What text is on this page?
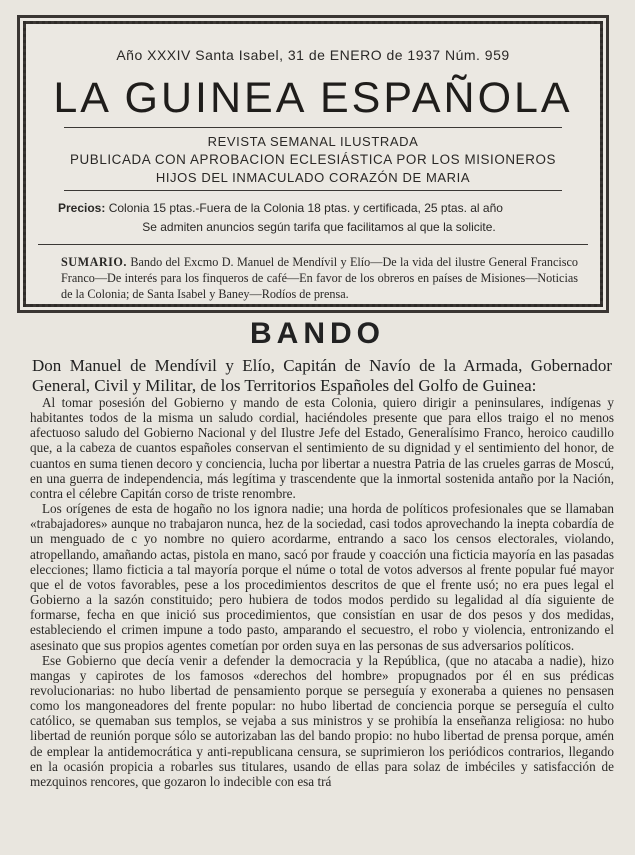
Año XXXIV Santa Isabel, 31 de ENERO de 1937 Núm. 959
LA GUINEA ESPAÑOLA
REVISTA SEMANAL ILUSTRADA
PUBLICADA CON APROBACION ECLESIÁSTICA POR LOS MISIONEROS
HIJOS DEL INMACULADO CORAZÓN DE MARIA
Precios: Colonia 15 ptas.-Fuera de la Colonia 18 ptas. y certificada, 25 ptas. al año
Se admiten anuncios según tarifa que facilitamos al que la solicite.
SUMARIO. Bando del Excmo D. Manuel de Mendívil y Elío—De la vida del ilustre General Francisco Franco—De interés para los finqueros de café—En favor de los obreros en países de Misiones—Noticias de la Colonia; de Santa Isabel y Baney—Rodíos de prensa.
BANDO
Don Manuel de Mendívil y Elío, Capitán de Navío de la Armada, Gobernador General, Civil y Militar, de los Territorios Españoles del Golfo de Guinea:

Al tomar posesión del Gobierno y mando de esta Colonia, quiero dirigir a peninsulares, indígenas y habitantes todos de la misma un saludo cordial, haciéndoles presente que para ellos traigo el no menos afectuoso saludo del Gobierno Nacional y del Ilustre Jefe del Estado, Generalísimo Franco, heroico caudillo que, a la cabeza de cuantos españoles conservan el sentimiento de su dignidad y el sentimiento del honor, de cuantos en suma tienen decoro y conciencia, lucha por libertar a nuestra Patria de las crueles garras de Moscú, en una guerra de independencia, más legítima y trascendente que la inmortal sostenida antaño por la Nación, contra el célebre Capitán corso de triste renombre.

Los orígenes de esta de hogaño no los ignora nadie; una horda de políticos profesionales que se llamaban «trabajadores» aunque no trabajaron nunca, hez de la sociedad, casi todos aprovechando la inepta cobardía de un menguado de c yo nombre no quiero acordarme, entrando a saco los censos electorales, violando, atropellando, amañando actas, pistola en mano, sacó por fraude y coacción una ficticia mayoría en las pasadas elecciones; llamo ficticia a tal mayoría porque el núme o total de votos adversos al frente popular fué mayor que el de votos favorables, pese a los procedimientos descritos de que el frente usó; no era pues legal el Gobierno a la sazón constituido; pero hubiera de todos modos perdido su legalidad al día siguiente de formarse, fecha en que inició sus procedimientos, que consistían en usar de dos pesos y dos medidas, estableciendo el crimen impune a todo pasto, amparando el secuestro, el robo y violencia, entronizando el asesinato que sus propios agentes cometían por orden suya en las personas de sus adversarios políticos.

Ese Gobierno que decía venir a defender la democracia y la República, (que no atacaba a nadie), hizo mangas y capirotes de los famosos «derechos del hombre» propugnados por él en sus prédicas revolucionarias: no hubo libertad de pensamiento porque se perseguía y exoneraba a quienes no pensasen como los mangoneadores del frente popular: no hubo libertad de conciencia porque se perseguía el culto católico, se quemaban sus templos, se vejaba a sus ministros y se prohibía la enseñanza religiosa: no hubo libertad de reunión porque sólo se autorizaban las del bando propio: no hubo libertad de prensa porque, amén de emplear la antidemocrática y anti-republicana censura, se suprimieron los periódicos contrarios, llegando en la ocasión propicia a robarles sus titulares, usando de ellas para solaz de imbéciles y satisfacción de mezquinos rencores, que gozaron lo indecible con esa trá
